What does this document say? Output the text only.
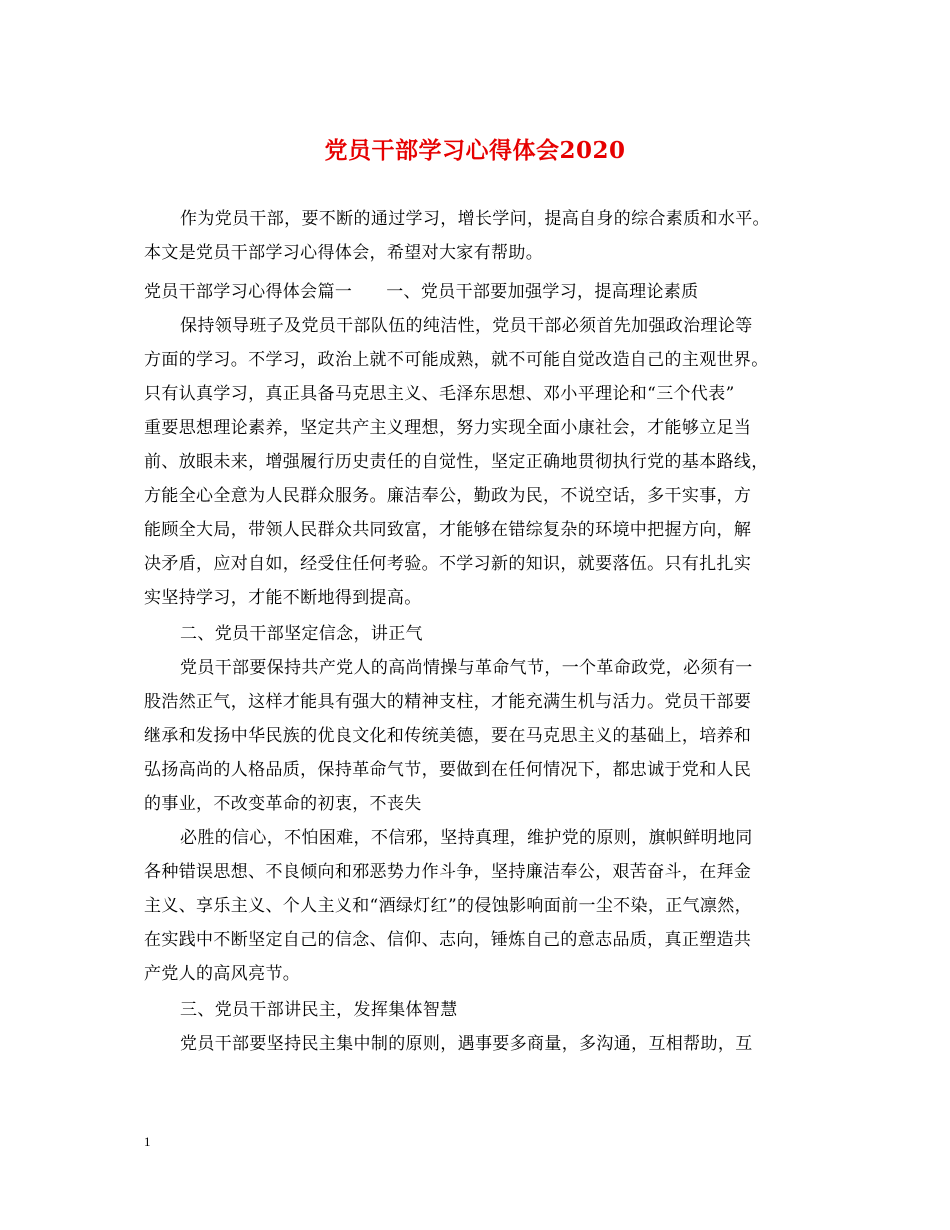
党员干部学习心得体会2020
作为党员干部，要不断的通过学习，增长学问，提高自身的综合素质和水平。
本文是党员干部学习心得体会，希望对大家有帮助。
党员干部学习心得体会篇一 一、党员干部要加强学习，提高理论素质
保持领导班子及党员干部队伍的纯洁性，党员干部必须首先加强政治理论等
方面的学习。不学习，政治上就不可能成熟，就不可能自觉改造自己的主观世界。
只有认真学习，真正具备马克思主义、毛泽东思想、邓小平理论和“三个代表”
重要思想理论素养，坚定共产主义理想，努力实现全面小康社会，才能够立足当
前、放眼未来，增强履行历史责任的自觉性，坚定正确地贯彻执行党的基本路线，
方能全心全意为人民群众服务。廉洁奉公，勤政为民，不说空话，多干实事，方
能顾全大局，带领人民群众共同致富，才能够在错综复杂的环境中把握方向，解
决矛盾，应对自如，经受住任何考验。不学习新的知识，就要落伍。只有扎扎实
实坚持学习，才能不断地得到提高。
二、党员干部坚定信念，讲正气
党员干部要保持共产党人的高尚情操与革命气节，一个革命政党，必须有一
股浩然正气，这样才能具有强大的精神支柱，才能充满生机与活力。党员干部要
继承和发扬中华民族的优良文化和传统美德，要在马克思主义的基础上，培养和
弘扬高尚的人格品质，保持革命气节，要做到在任何情况下，都忠诚于党和人民
的事业，不改变革命的初衷，不丧失
必胜的信心，不怕困难，不信邪，坚持真理，维护党的原则，旗帜鲜明地同
各种错误思想、不良倾向和邪恶势力作斗争，坚持廉洁奉公，艰苦奋斗，在拜金
主义、享乐主义、个人主义和“酒绿灯红”的侵蚀影响面前一尘不染，正气凛然，
在实践中不断坚定自己的信念、信仰、志向，锤炼自己的意志品质，真正塑造共
产党人的高风亮节。
三、党员干部讲民主，发挥集体智慧
党员干部要坚持民主集中制的原则，遇事要多商量，多沟通，互相帮助，互
1
